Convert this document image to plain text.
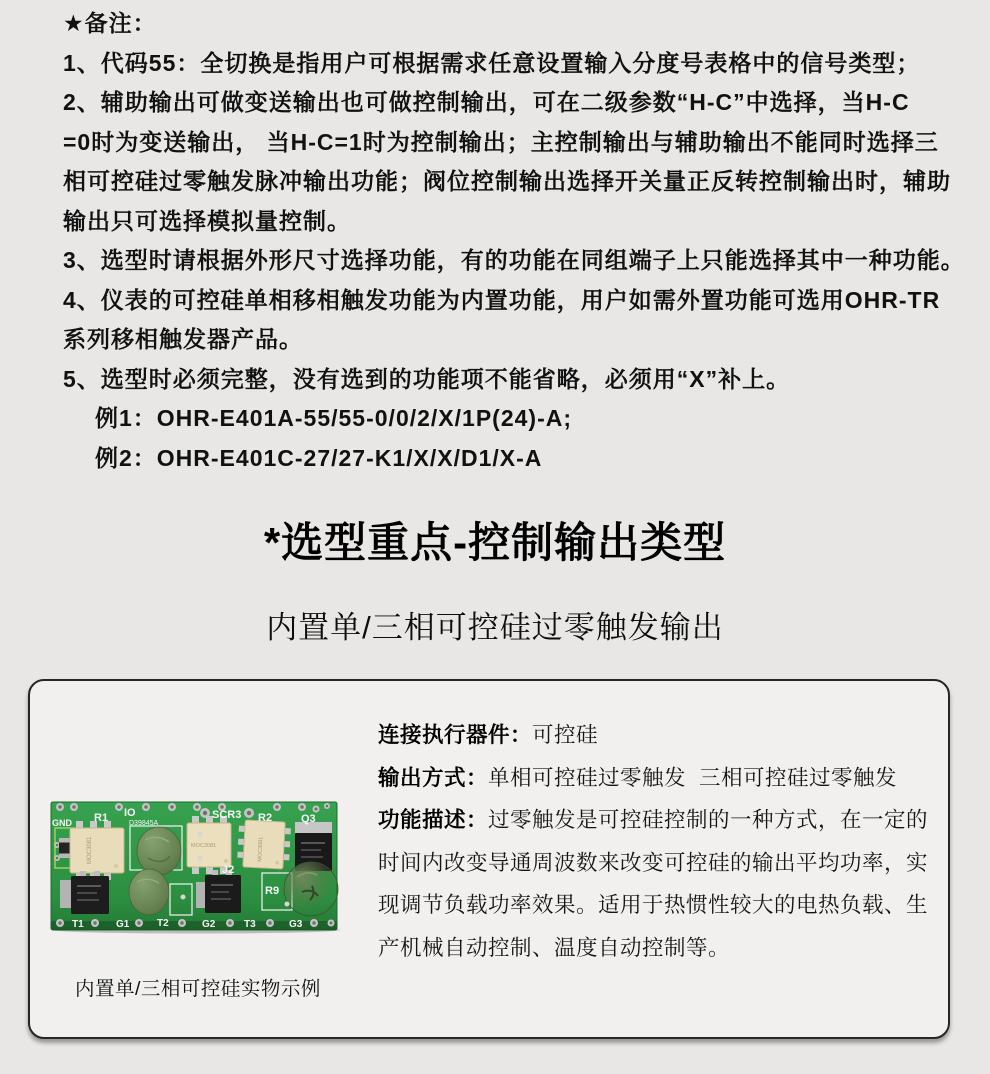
★备注：
1、代码55：全切换是指用户可根据需求任意设置输入分度号表格中的信号类型；
2、辅助输出可做变送输出也可做控制输出，可在二级参数“H-C”中选择，当H-C
=0时为变送输出， 当H-C=1时为控制输出；主控制输出与辅助输出不能同时选择三
相可控硅过零触发脉冲输出功能；阀位控制输出选择开关量正反转控制输出时，辅助
输出只可选择模拟量控制。
3、选型时请根据外形尺寸选择功能，有的功能在同组端子上只能选择其中一种功能。
4、仪表的可控硅单相移相触发功能为内置功能，用户如需外置功能可选用OHR-TR
系列移相触发器产品。
5、选型时必须完整，没有选到的功能项不能省略，必须用“X”补上。
例1：OHR-E401A-55/55-0/0/2/X/1P(24)-A;
例2：OHR-E401C-27/27-K1/X/X/D1/X-A
*选型重点-控制输出类型
内置单/三相可控硅过零触发输出
MOC3081	MOC3081	MOC3081
GND R1 IO
D39845A
SCR3 R2	Q3
J2
R9
T1	G1	T2	G2	T3	G3
连接执行器件：可控硅
输出方式：单相可控硅过零触发  三相可控硅过零触发
功能描述：过零触发是可控硅控制的一种方式，在一定的
时间内改变导通周波数来改变可控硅的输出平均功率，实
现调节负载功率效果。适用于热惯性较大的电热负载、生
产机械自动控制、温度自动控制等。
内置单/三相可控硅实物示例
